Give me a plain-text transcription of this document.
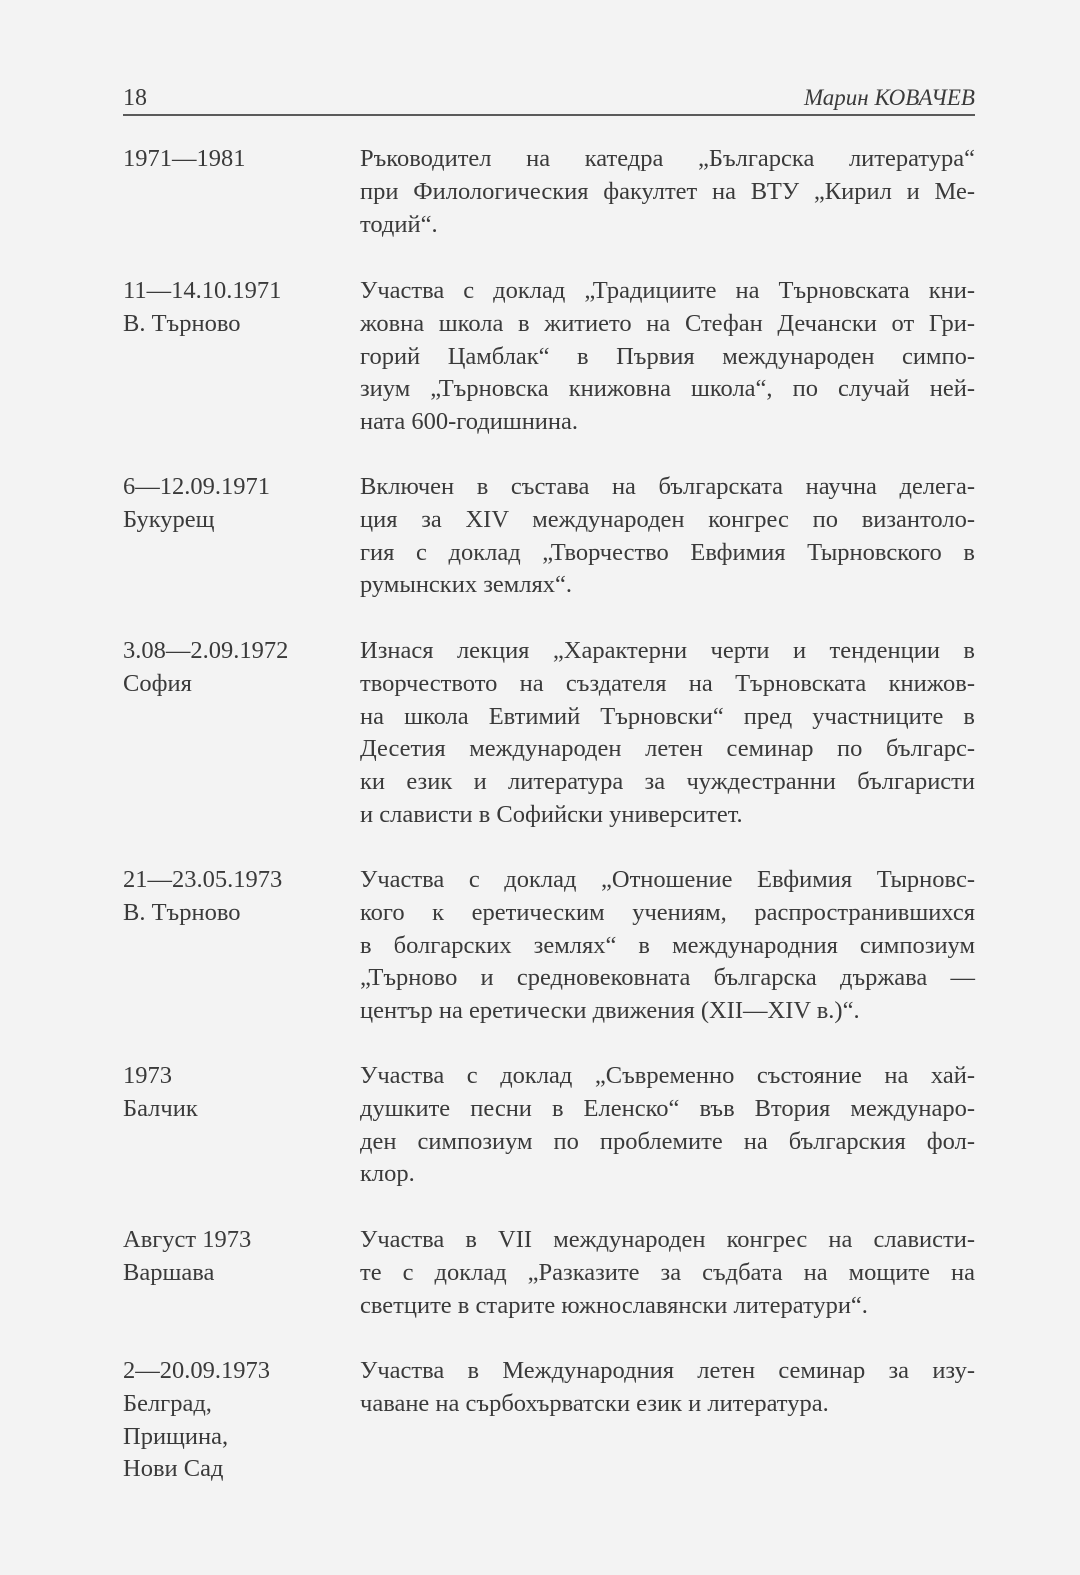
18	Марин КОВАЧЕВ
1971—1981	Ръководител на катедра „Българска литература“
при Филологическия факултет на ВТУ „Кирил и Ме-
тодий“.
11—14.10.1971
В. Търново
Участва с доклад „Традициите на Търновската кни-
жовна школа в житието на Стефан Дечански от Гри-
горий Цамблак“ в Първия международен симпо-
зиум „Търновска книжовна школа“, по случай ней-
ната 600-годишнина.
6—12.09.1971
Букурещ
Включен в състава на българската научна делега-
ция за XIV международен конгрес по византоло-
гия с доклад „Творчество Евфимия Тырновского в
румынских землях“.
3.08—2.09.1972
София
Изнася лекция „Характерни черти и тенденции в
творчеството на създателя на Търновската книжов-
на школа Евтимий Търновски“ пред участниците в
Десетия международен летен семинар по българс-
ки език и литература за чуждестранни българисти
и слависти в Софийски университет.
21—23.05.1973
В. Търново
Участва с доклад „Отношение Евфимия Тырновс-
кого к еретическим учениям, распространившихся
в болгарских землях“ в международния симпозиум
„Търново и средновековната българска държава —
център на еретически движения (XII—XIV в.)“.
1973
Балчик
Участва с доклад „Съвременно състояние на хай-
душките песни в Еленско“ във Втория междунаро-
ден симпозиум по проблемите на българския фол-
клор.
Август 1973
Варшава
Участва в VII международен конгрес на слависти-
те с доклад „Разказите за съдбата на мощите на
светците в старите южнославянски литератури“.
2—20.09.1973
Белград,
Прищина,
Нови Сад
Участва в Международния летен семинар за изу-
чаване на сърбохърватски език и литература.
